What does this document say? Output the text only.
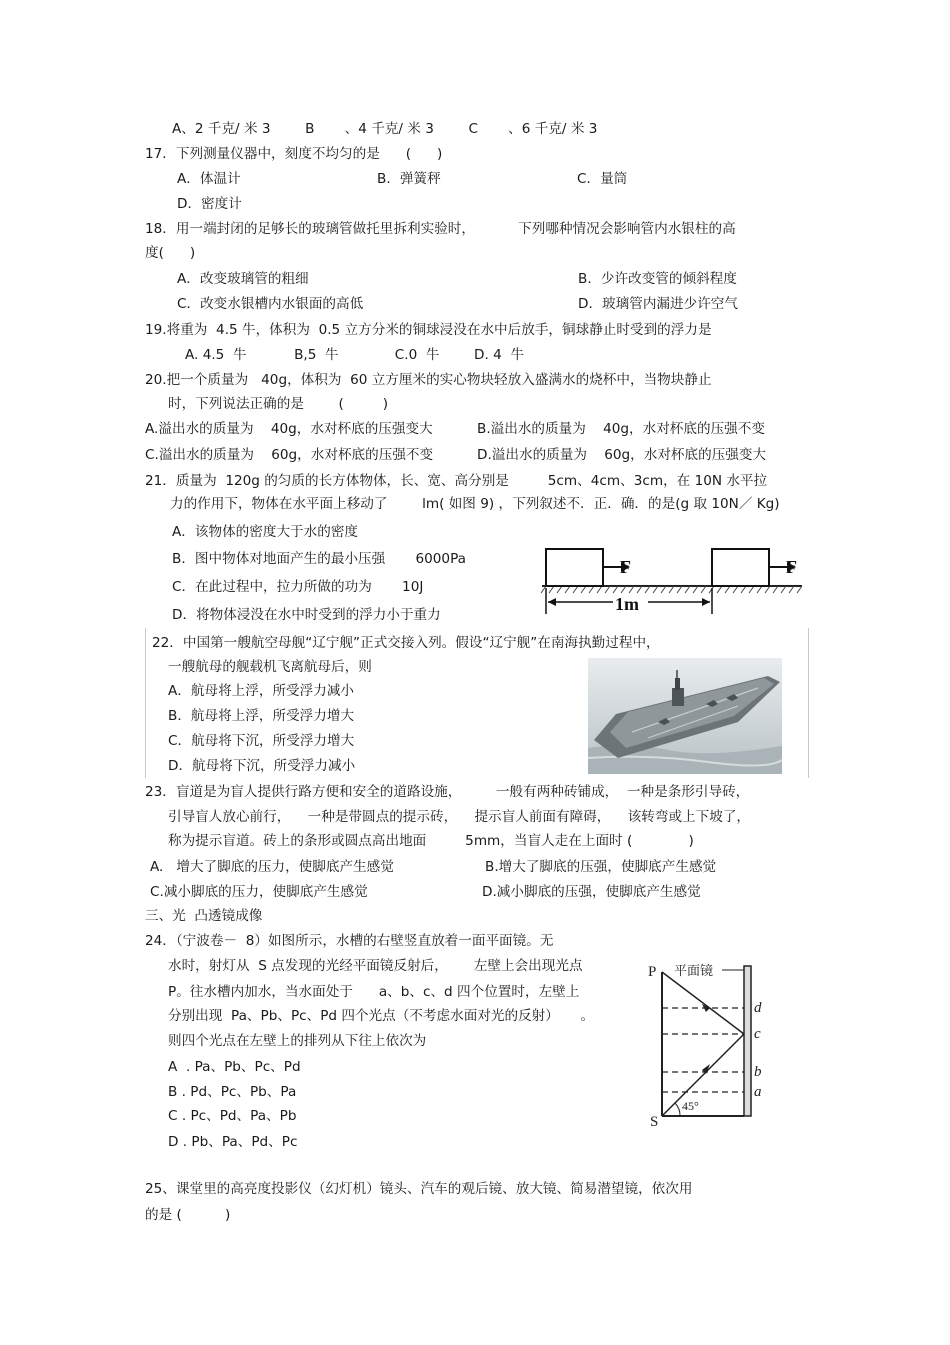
A、2 千克/ 米 3        B       、4 千克/ 米 3        C       、6 千克/ 米 3
17．下列测量仪器中，刻度不均匀的是      (      )
A．体温计	B．弹簧秤	C．量筒
D．密度计
18．用一端封闭的足够长的玻璃管做托里拆利实验时，          下列哪种情况会影响管内水银柱的高
度(      )
A．改变玻璃管的粗细	B．少许改变管的倾斜程度
C．改变水银槽内水银面的高低	D．玻璃管内漏进少许空气
19.将重为  4.5 牛，体积为  0.5 立方分米的铜球浸没在水中后放手，铜球静止时受到的浮力是
A. 4.5  牛           B,5  牛             C.0  牛        D. 4  牛
20.把一个质量为   40g，体积为  60 立方厘米的实心物块轻放入盛满水的烧杯中，当物块静止
时，下列说法正确的是        (         )
A.溢出水的质量为    40g，水对杯底的压强变大	B.溢出水的质量为    40g，水对杯底的压强不变
C.溢出水的质量为    60g，水对杯底的压强不变	D.溢出水的质量为    60g，水对杯底的压强变大
21．质量为  120g 的匀质的长方体物体，长、宽、高分别是         5cm、4cm、3cm，在 10N 水平拉
力的作用下，物体在水平面上移动了        lm( 如图 9) ，下列叙述不．正．确．的是(g 取 10N／ Kg)
A．该物体的密度大于水的密度
B．图中物体对地面产生的最小压强       6000Pa
C．在此过程中，拉力所做的功为       10J
D．将物体浸没在水中时受到的浮力小于重力
F	F
1m
22．中国第一艘航空母舰“辽宁舰”正式交接入列。假设“辽宁舰”在南海执勤过程中，
一艘航母的舰载机飞离航母后，则
A．航母将上浮，所受浮力减小
B．航母将上浮，所受浮力增大
C．航母将下沉，所受浮力增大
D．航母将下沉，所受浮力减小
23．盲道是为盲人提供行路方便和安全的道路设施，        一般有两种砖铺成，  一种是条形引导砖，
引导盲人放心前行，    一种是带圆点的提示砖，    提示盲人前面有障碍，    该转弯或上下坡了，
称为提示盲道。砖上的条形或圆点高出地面         5mm，当盲人走在上面时 (             )
A.   增大了脚底的压力，使脚底产生感觉	B.增大了脚底的压强，使脚底产生感觉
C.减小脚底的压力，使脚底产生感觉	D.减小脚底的压强，使脚底产生感觉
三、光  凸透镜成像
24．（宁波卷－  8）如图所示，水槽的右壁竖直放着一面平面镜。无
水时，射灯从  S 点发现的光经平面镜反射后，      左壁上会出现光点
P。往水槽内加水，当水面处于      a、b、c、d 四个位置时，左壁上
分别出现  Pa、Pb、Pc、Pd 四个光点（不考虑水面对光的反射）     。
则四个光点在左壁上的排列从下往上依次为
A  . Pa、Pb、Pc、Pd
B . Pd、Pc、Pb、Pa
C . Pc、Pd、Pa、Pb
D . Pb、Pa、Pd、Pc
P 平面镜
d
c
b
a
45°
S
25、课堂里的高亮度投影仪（幻灯机）镜头、汽车的观后镜、放大镜、简易潜望镜，依次用
的是 (          )
